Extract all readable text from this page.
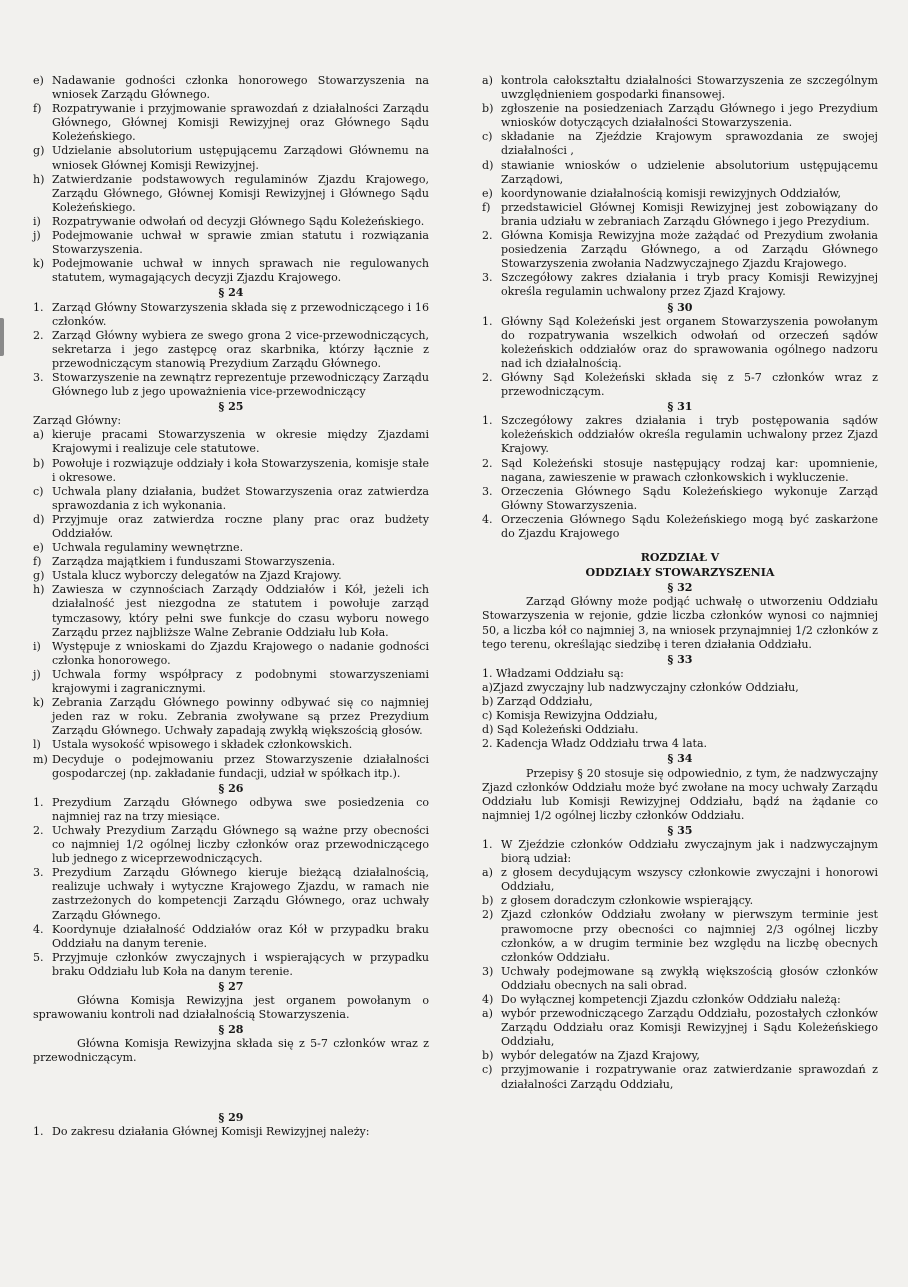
e) Nadawanie godności członka honorowego Stowarzyszenia na wniosek Zarządu Głównego.
f) Rozpatrywanie i przyjmowanie sprawozdań z działalności Zarządu Głównego, Głównej Komisji Rewizyjnej oraz Głównego Sądu Koleżeńskiego.
g) Udzielanie absolutorium ustępującemu Zarządowi Głównemu na wniosek Głównej Komisji Rewizyjnej.
h) Zatwierdzanie podstawowych regulaminów Zjazdu Krajowego, Zarządu Głównego, Głównej Komisji Rewizyjnej i Głównego Sądu Koleżeńskiego.
i)	Rozpatrywanie odwołań od decyzji Głównego Sądu Koleżeńskiego.
j)	Podejmowanie uchwał w sprawie zmian statutu i rozwiązania Stowarzyszenia.
k) Podejmowanie uchwał w innych sprawach nie regulowanych statutem, wymagających decyzji Zjazdu Krajowego.
§ 24
1. Zarząd Główny Stowarzyszenia składa się z przewodniczącego i 16 członków.
2. Zarząd Główny wybiera ze swego grona 2 vice-przewodniczących, sekretarza i jego zastępcę oraz skarbnika, którzy łącznie z przewodniczącym stanowią Prezydium Zarządu Głównego.
3. Stowarzyszenie na zewnątrz reprezentuje przewodniczący Zarządu Głównego lub z jego upoważnienia vice-przewodniczący
§ 25

Zarząd Główny:

a) kieruje pracami Stowarzyszenia w okresie między Zjazdami Krajowymi i realizuje cele statutowe.
b) Powołuje i rozwiązuje oddziały i koła Stowarzyszenia, komisje stałe i okresowe.
c) Uchwala plany działania, budżet Stowarzyszenia oraz zatwierdza sprawozdania z ich wykonania.
d) Przyjmuje oraz zatwierdza roczne plany prac oraz budżety Oddziałów.
e) Uchwala regulaminy wewnętrzne.
f) Zarządza majątkiem i funduszami Stowarzyszenia.
g) Ustala klucz wyborczy delegatów na Zjazd Krajowy.
h) Zawiesza w czynnościach Zarządy Oddziałów i Kół, jeżeli ich działalność jest niezgodna ze statutem i powołuje zarząd tymczasowy, który pełni swe funkcje do czasu wyboru nowego Zarządu przez najbliższe Walne Zebranie Oddziału lub Koła.
i)	Występuje z wnioskami do Zjazdu Krajowego o nadanie godności członka honorowego.
j)	Uchwala formy współpracy z podobnymi stowarzyszeniami krajowymi i zagranicznymi.
k) Zebrania Zarządu Głównego powinny odbywać się co najmniej jeden raz w roku. Zebrania zwoływane są przez Prezydium Zarządu Głównego. Uchwały zapadają zwykłą większością głosów.
l)	Ustala wysokość wpisowego i składek członkowskich.
m) Decyduje o podejmowaniu przez Stowarzyszenie działalności gospodarczej (np. zakładanie fundacji, udział w spółkach itp.).
§ 26
1. Prezydium Zarządu Głównego odbywa swe posiedzenia co najmniej raz na trzy miesiące.
2. Uchwały Prezydium Zarządu Głównego są ważne przy obecności co najmniej 1/2 ogólnej liczby członków oraz przewodniczącego lub jednego z wiceprzewodniczących.
3. Prezydium Zarządu Głównego kieruje bieżącą działalnością, realizuje uchwały i wytyczne Krajowego Zjazdu, w ramach nie zastrzeżonych do kompetencji Zarządu Głównego, oraz uchwały Zarządu Głównego.
4. Koordynuje działalność Oddziałów oraz Kół w przypadku braku Oddziału na danym terenie.
5. Przyjmuje członków zwyczajnych i wspierających w przypadku braku Oddziału lub Koła na danym terenie.
§ 27

Główna Komisja Rewizyjna jest organem powołanym o sprawowaniu kontroli nad działalnością Stowarzyszenia.

§ 28

Główna Komisja Rewizyjna składa się z 5-7 członków wraz z przewodniczącym.

§ 29
1. Do zakresu działania Głównej Komisji Rewizyjnej należy:
a) kontrola całokształtu działalności Stowarzyszenia ze szczególnym uwzględnieniem gospodarki finansowej.
b) zgłoszenie na posiedzeniach Zarządu Głównego i jego Prezydium wniosków dotyczących działalności Stowarzyszenia.
c) składanie na Zjeździe Krajowym sprawozdania ze swojej działalności ,
d) stawianie wniosków o udzielenie absolutorium ustępującemu Zarządowi,
e) koordynowanie działalnością komisji rewizyjnych Oddziałów,
f) przedstawiciel Głównej Komisji Rewizyjnej jest zobowiązany do brania udziału w zebraniach Zarządu Głównego i jego Prezydium.
2. Główna Komisja Rewizyjna może zażądać od Prezydium zwołania posiedzenia Zarządu Głównego, a od Zarządu Głównego Stowarzyszenia zwołania Nadzwyczajnego Zjazdu Krajowego.
3. Szczegółowy zakres działania i tryb pracy Komisji Rewizyjnej określa regulamin uchwalony przez Zjazd Krajowy.
§ 30
1. Główny Sąd Koleżeński jest organem Stowarzyszenia powołanym do rozpatrywania wszelkich odwołań od orzeczeń sądów koleżeńskich oddziałów oraz do sprawowania ogólnego nadzoru nad ich działalnością.
2. Główny Sąd Koleżeński składa się z 5-7 członków wraz z przewodniczącym.
§ 31
1. Szczegółowy zakres działania i tryb postępowania sądów koleżeńskich oddziałów określa regulamin uchwalony przez Zjazd Krajowy.
2. Sąd Koleżeński stosuje następujący rodzaj kar: upomnienie, nagana, zawieszenie w prawach członkowskich i wykluczenie.
3. Orzeczenia Głównego Sądu Koleżeńskiego wykonuje Zarząd Główny Stowarzyszenia.
4. Orzeczenia Głównego Sądu Koleżeńskiego mogą być zaskarżone do Zjazdu Krajowego
ROZDZIAŁ V
ODDZIAŁY STOWARZYSZENIA
§ 32

Zarząd Główny może podjąć uchwałę o utworzeniu Oddziału Stowarzyszenia w rejonie, gdzie liczba członków wynosi co najmniej 50, a liczba kół co najmniej 3, na wniosek przynajmniej 1/2 członków z tego terenu, określając siedzibę i teren działania Oddziału.

§ 33
1. Władzami Oddziału są:
a)Zjazd zwyczajny lub nadzwyczajny członków Oddziału,
b) Zarząd Oddziału,
c) Komisja Rewizyjna Oddziału,
d) Sąd Koleżeński Oddziału.
2. Kadencja Władz Oddziału trwa 4 lata.
§ 34

Przepisy § 20 stosuje się odpowiednio, z tym, że nadzwyczajny Zjazd członków Oddziału może być zwołane na mocy uchwały Zarządu Oddziału lub Komisji Rewizyjnej Oddziału, bądź na żądanie co najmniej 1/2 ogólnej liczby członków Oddziału.

§ 35
1. W Zjeździe członków Oddziału zwyczajnym jak i nadzwyczajnym biorą udział:
a) z głosem decydującym wszyscy członkowie zwyczajni i honorowi Oddziału,
b) z głosem doradczym członkowie wspierający.
2) Zjazd członków Oddziału zwołany w pierwszym terminie jest prawomocne przy obecności co najmniej 2/3 ogólnej liczby członków, a w drugim terminie bez względu na liczbę obecnych członków Oddziału.
3) Uchwały podejmowane są zwykłą większością głosów członków Oddziału obecnych na sali obrad.
4) Do wyłącznej kompetencji Zjazdu członków Oddziału należą:
a) wybór przewodniczącego Zarządu Oddziału, pozostałych członków Zarządu Oddziału oraz Komisji Rewizyjnej i Sądu Koleżeńskiego Oddziału,
b) wybór delegatów na Zjazd Krajowy,
c) przyjmowanie i rozpatrywanie oraz zatwierdzanie sprawozdań z działalności Zarządu Oddziału,
